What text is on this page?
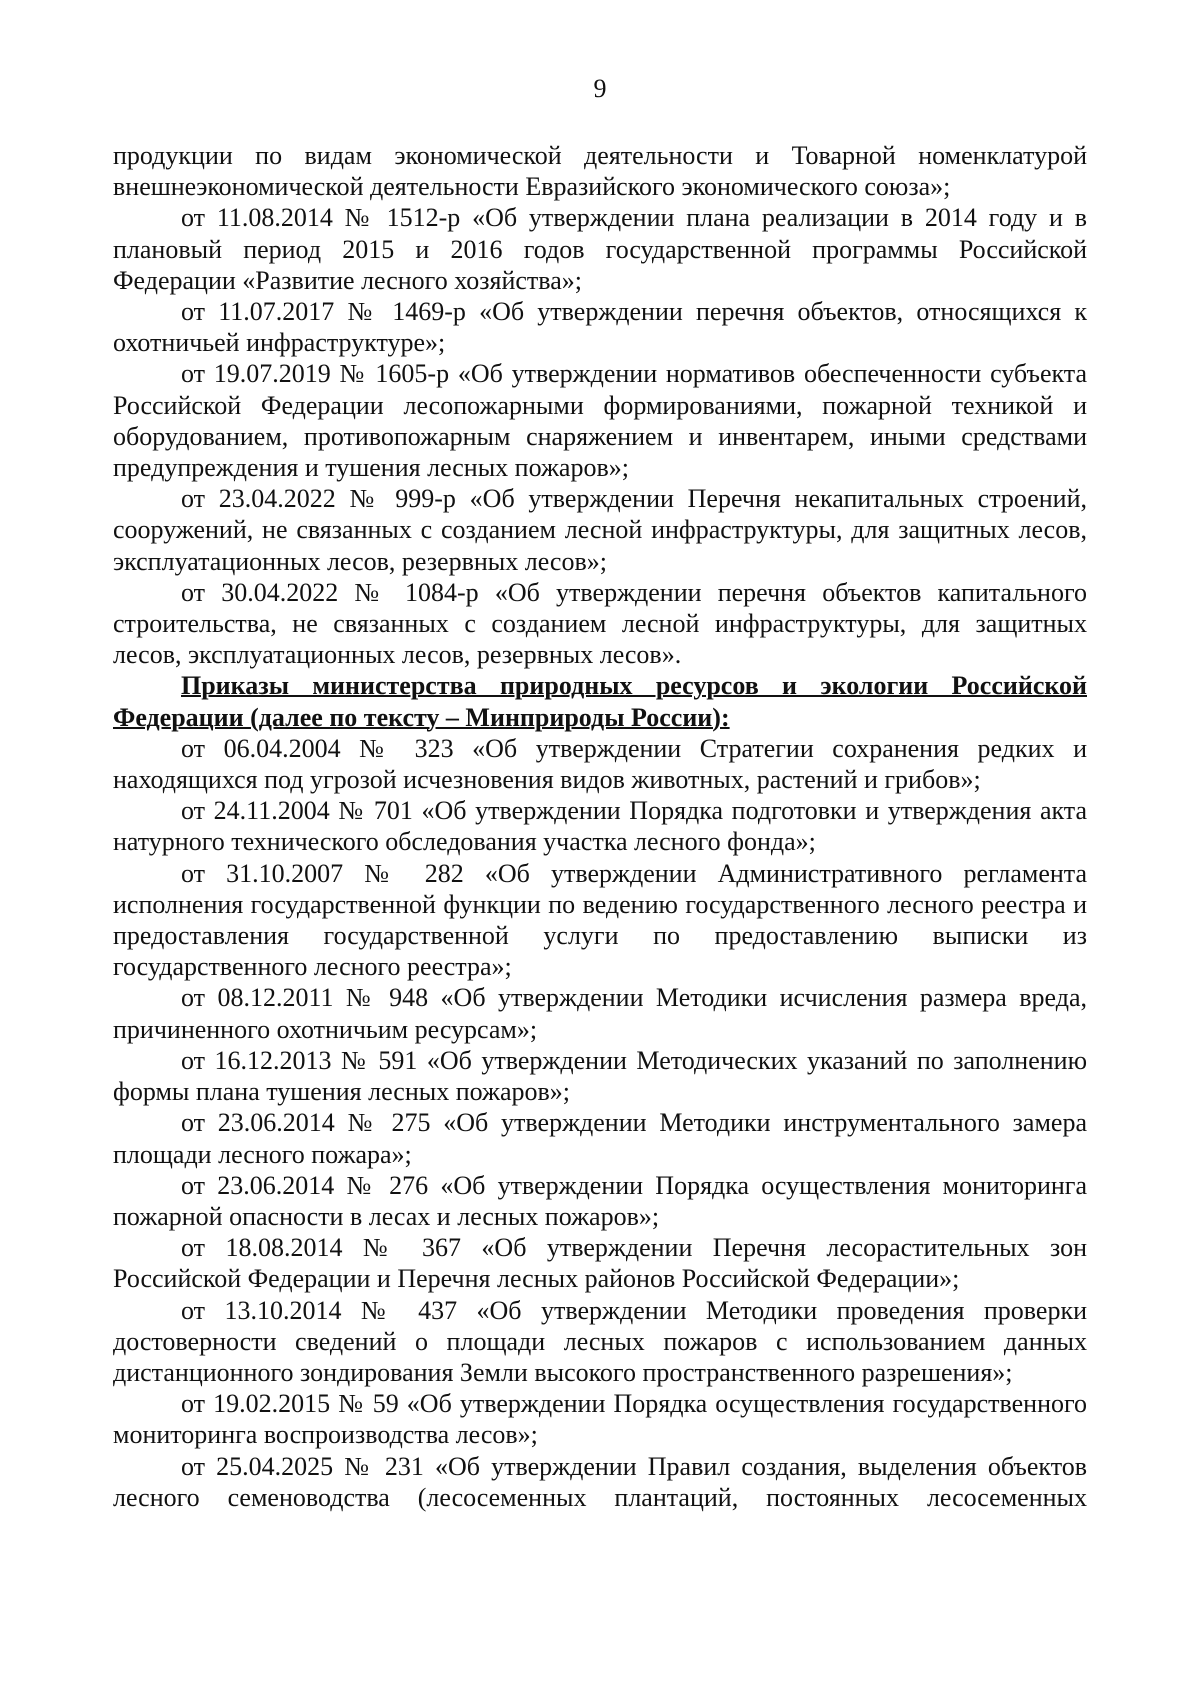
9

продукции по видам экономической деятельности и Товарной номенклатурой внешнеэкономической деятельности Евразийского экономического союза»;

от 11.08.2014 № 1512-р «Об утверждении плана реализации в 2014 году и в плановый период 2015 и 2016 годов государственной программы Российской Федерации «Развитие лесного хозяйства»;

от 11.07.2017 № 1469-р «Об утверждении перечня объектов, относящихся к охотничьей инфраструктуре»;

от 19.07.2019 № 1605-р «Об утверждении нормативов обеспеченности субъекта Российской Федерации лесопожарными формированиями, пожарной техникой и оборудованием, противопожарным снаряжением и инвентарем, иными средствами предупреждения и тушения лесных пожаров»;

от 23.04.2022 № 999-р «Об утверждении Перечня некапитальных строений, сооружений, не связанных с созданием лесной инфраструктуры, для защитных лесов, эксплуатационных лесов, резервных лесов»;

от 30.04.2022 № 1084-р «Об утверждении перечня объектов капитального строительства, не связанных с созданием лесной инфраструктуры, для защитных лесов, эксплуатационных лесов, резервных лесов».

Приказы министерства природных ресурсов и экологии Российской Федерации (далее по тексту – Минприроды России):

от 06.04.2004 № 323 «Об утверждении Стратегии сохранения редких и находящихся под угрозой исчезновения видов животных, растений и грибов»;

от 24.11.2004 № 701 «Об утверждении Порядка подготовки и утверждения акта натурного технического обследования участка лесного фонда»;

от 31.10.2007 № 282 «Об утверждении Административного регламента исполнения государственной функции по ведению государственного лесного реестра и предоставления государственной услуги по предоставлению выписки из государственного лесного реестра»;

от 08.12.2011 № 948 «Об утверждении Методики исчисления размера вреда, причиненного охотничьим ресурсам»;

от 16.12.2013 № 591 «Об утверждении Методических указаний по заполнению формы плана тушения лесных пожаров»;

от 23.06.2014 № 275 «Об утверждении Методики инструментального замера площади лесного пожара»;

от 23.06.2014 № 276 «Об утверждении Порядка осуществления мониторинга пожарной опасности в лесах и лесных пожаров»;

от 18.08.2014 № 367 «Об утверждении Перечня лесорастительных зон Российской Федерации и Перечня лесных районов Российской Федерации»;

от 13.10.2014 № 437 «Об утверждении Методики проведения проверки достоверности сведений о площади лесных пожаров с использованием данных дистанционного зондирования Земли высокого пространственного разрешения»;

от 19.02.2015 № 59 «Об утверждении Порядка осуществления государственного мониторинга воспроизводства лесов»;

от 25.04.2025 № 231 «Об утверждении Правил создания, выделения объектов лесного семеноводства (лесосеменных плантаций, постоянных лесосеменных
